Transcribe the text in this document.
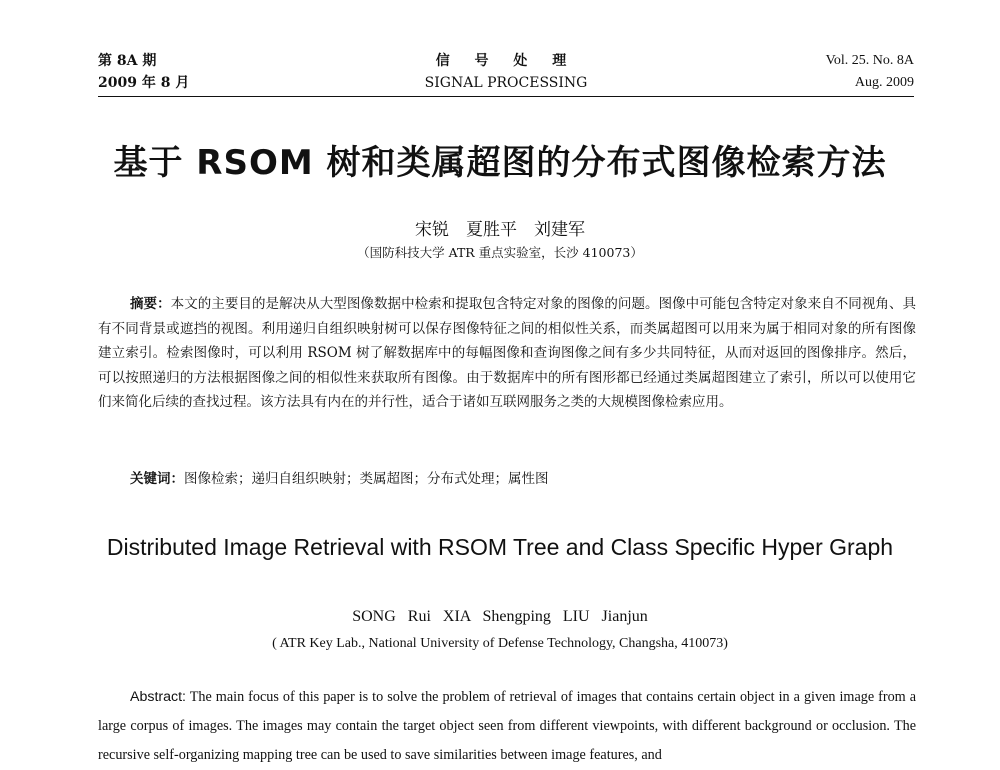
第 8A 期
2009 年 8 月
信 号 处 理
SIGNAL PROCESSING
Vol. 25. No. 8A
Aug. 2009
基于 RSOM 树和类属超图的分布式图像检索方法
宋锐　夏胜平　刘建军
（国防科技大学 ATR 重点实验室，长沙 410073）
摘要：本文的主要目的是解决从大型图像数据中检索和提取包含特定对象的图像的问题。图像中可能包含特定对象来自不同视角、具有不同背景或遮挡的视图。利用递归自组织映射树可以保存图像特征之间的相似性关系，而类属超图可以用来为属于相同对象的所有图像建立索引。检索图像时，可以利用 RSOM 树了解数据库中的每幅图像和查询图像之间有多少共同特征，从而对返回的图像排序。然后，可以按照递归的方法根据图像之间的相似性来获取所有图像。由于数据库中的所有图形都已经通过类属超图建立了索引，所以可以使用它们来简化后续的查找过程。该方法具有内在的并行性，适合于诸如互联网服务之类的大规模图像检索应用。
关键词：图像检索；递归自组织映射；类属超图；分布式处理；属性图
Distributed Image Retrieval with RSOM Tree and Class Specific Hyper Graph
SONG Rui XIA Shengping LIU Jianjun
( ATR Key Lab., National University of Defense Technology, Changsha, 410073)
Abstract: The main focus of this paper is to solve the problem of retrieval of images that contains certain object in a given image from a large corpus of images. The images may contain the target object seen from different viewpoints, with different background or occlusion. The recursive self-organizing mapping tree can be used to save similarities between image features, and
